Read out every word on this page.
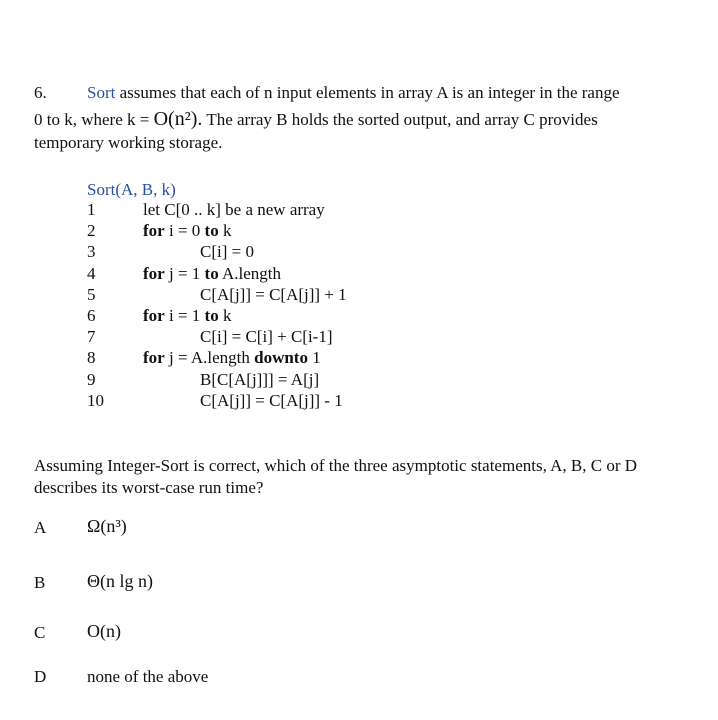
6. Sort assumes that each of n input elements in array A is an integer in the range
0 to k, where k = O(n²). The array B holds the sorted output, and array C provides
temporary working storage.
Sort(A, B, k)
1	let C[0 .. k] be a new array
2	for i = 0 to k
3	C[i] = 0
4	for j = 1 to A.length
5	C[A[j]] = C[A[j]] + 1
6	for i = 1 to k
7	C[i] = C[i] + C[i-1]
8	for j = A.length downto 1
9	B[C[A[j]]] = A[j]
10	C[A[j]] = C[A[j]] - 1
Assuming Integer-Sort is correct, which of the three asymptotic statements, A, B, C or D
describes its worst-case run time?
A Ω(n³)
B Θ(n lg n)
C O(n)
D none of the above
